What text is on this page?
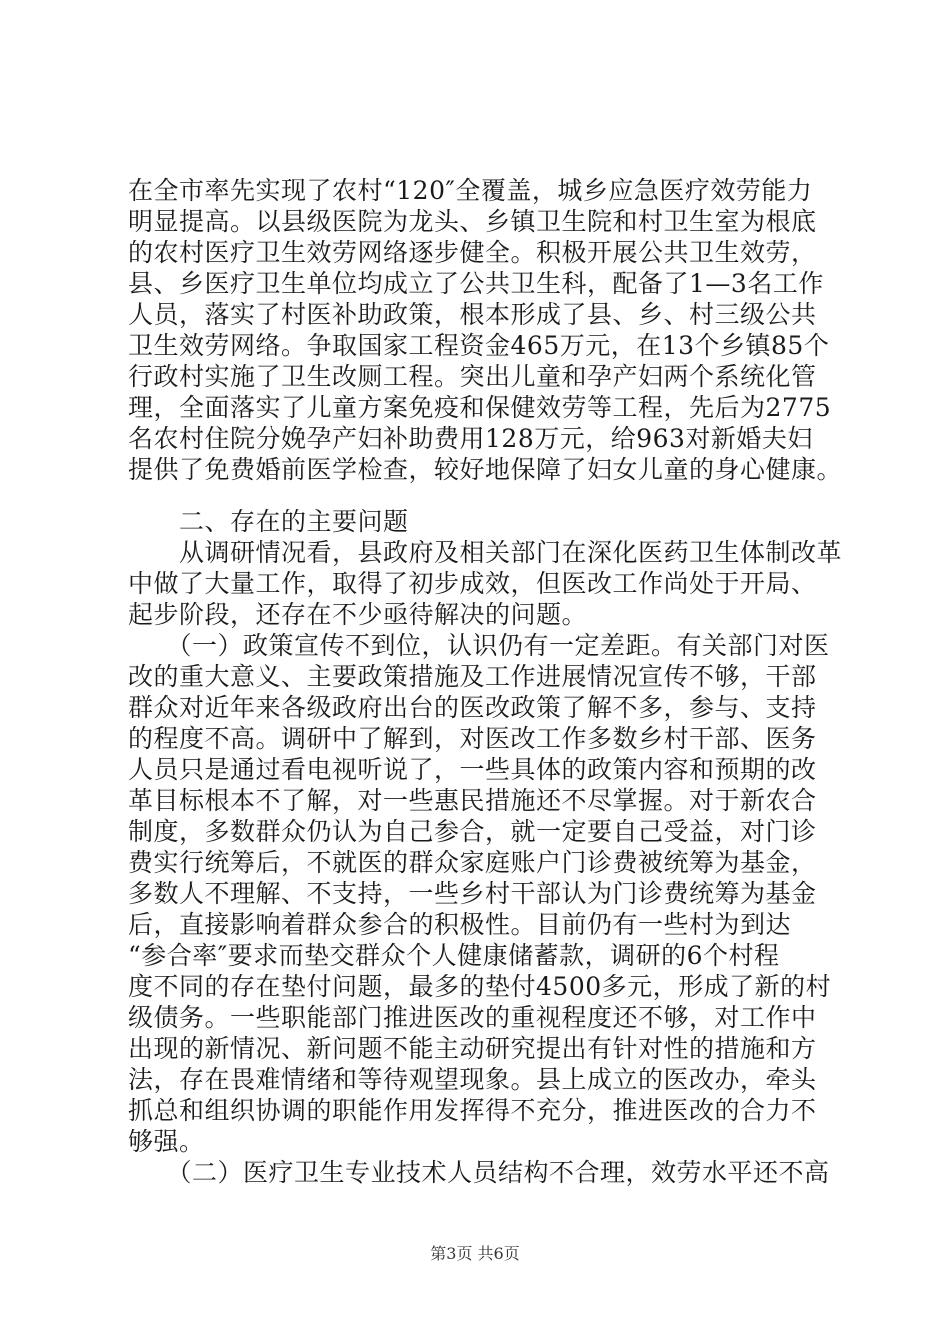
在全市率先实现了农村“120″全覆盖，城乡应急医疗效劳能力
明显提高。以县级医院为龙头、乡镇卫生院和村卫生室为根底
的农村医疗卫生效劳网络逐步健全。积极开展公共卫生效劳，
县、乡医疗卫生单位均成立了公共卫生科，配备了1—3名工作
人员，落实了村医补助政策，根本形成了县、乡、村三级公共
卫生效劳网络。争取国家工程资金465万元，在13个乡镇85个
行政村实施了卫生改厕工程。突出儿童和孕产妇两个系统化管
理，全面落实了儿童方案免疫和保健效劳等工程，先后为2775
名农村住院分娩孕产妇补助费用128万元，给963对新婚夫妇
提供了免费婚前医学检查，较好地保障了妇女儿童的身心健康。
　　二、存在的主要问题
　　从调研情况看，县政府及相关部门在深化医药卫生体制改革
中做了大量工作，取得了初步成效，但医改工作尚处于开局、
起步阶段，还存在不少亟待解决的问题。
　　（一）政策宣传不到位，认识仍有一定差距。有关部门对医
改的重大意义、主要政策措施及工作进展情况宣传不够，干部
群众对近年来各级政府出台的医改政策了解不多，参与、支持
的程度不高。调研中了解到，对医改工作多数乡村干部、医务
人员只是通过看电视听说了，一些具体的政策内容和预期的改
革目标根本不了解，对一些惠民措施还不尽掌握。对于新农合
制度，多数群众仍认为自己参合，就一定要自己受益，对门诊
费实行统筹后，不就医的群众家庭账户门诊费被统筹为基金，
多数人不理解、不支持，一些乡村干部认为门诊费统筹为基金
后，直接影响着群众参合的积极性。目前仍有一些村为到达
“参合率″要求而垫交群众个人健康储蓄款，调研的6个村程
度不同的存在垫付问题，最多的垫付4500多元，形成了新的村
级债务。一些职能部门推进医改的重视程度还不够，对工作中
出现的新情况、新问题不能主动研究提出有针对性的措施和方
法，存在畏难情绪和等待观望现象。县上成立的医改办，牵头
抓总和组织协调的职能作用发挥得不充分，推进医改的合力不
够强。
　　（二）医疗卫生专业技术人员结构不合理，效劳水平还不高
第3页 共6页
